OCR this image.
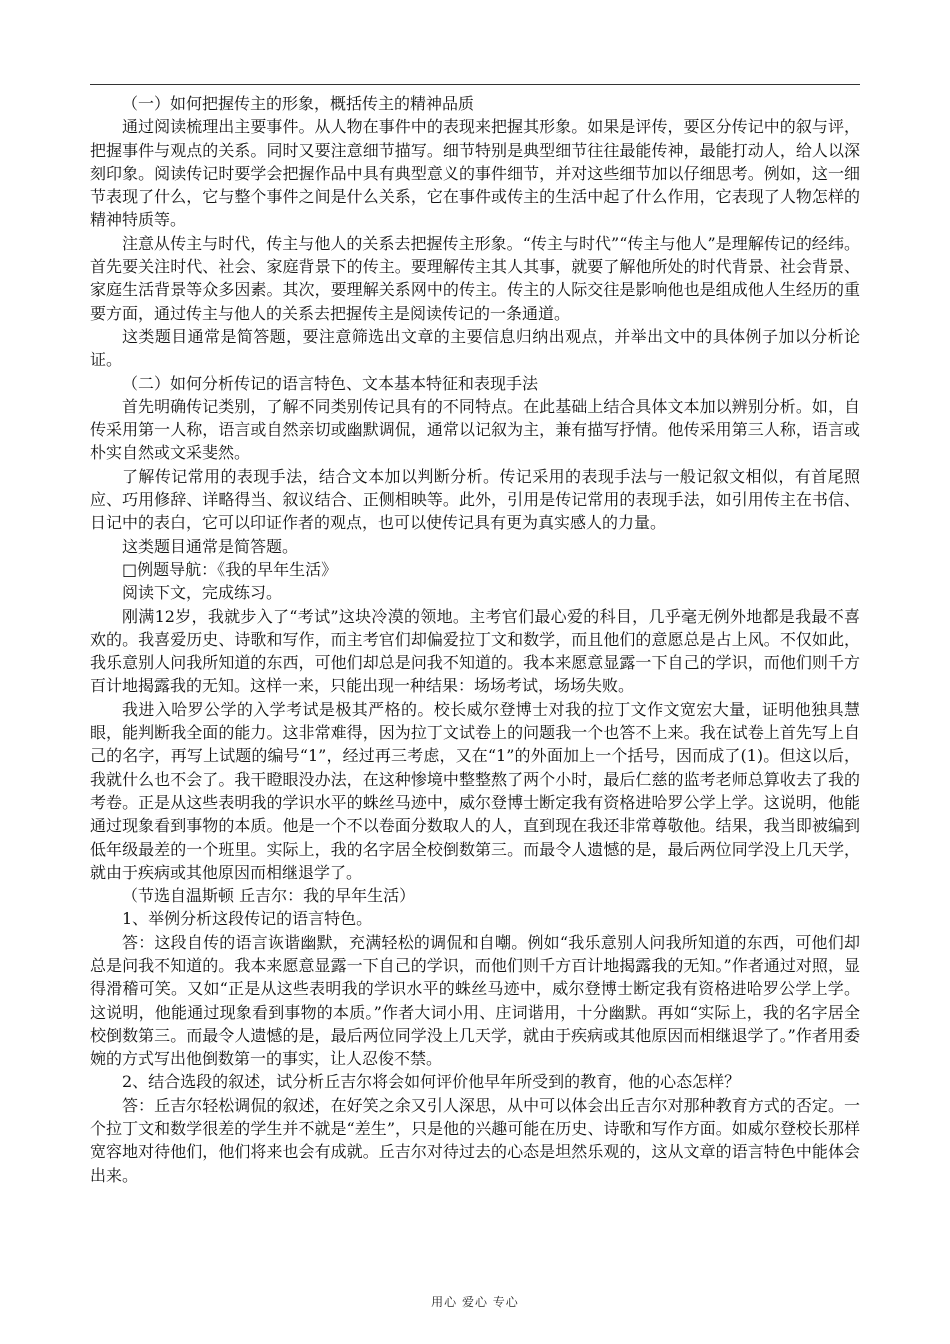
（一）如何把握传主的形象，概括传主的精神品质

通过阅读梳理出主要事件。从人物在事件中的表现来把握其形象。如果是评传，要区分传记中的叙与评，把握事件与观点的关系。同时又要注意细节描写。细节特别是典型细节往往最能传神，最能打动人，给人以深刻印象。阅读传记时要学会把握作品中具有典型意义的事件细节，并对这些细节加以仔细思考。例如，这一细节表现了什么，它与整个事件之间是什么关系，它在事件或传主的生活中起了什么作用，它表现了人物怎样的精神特质等。

注意从传主与时代，传主与他人的关系去把握传主形象。“传主与时代”“传主与他人”是理解传记的经纬。首先要关注时代、社会、家庭背景下的传主。要理解传主其人其事，就要了解他所处的时代背景、社会背景、家庭生活背景等众多因素。其次，要理解关系网中的传主。传主的人际交往是影响他也是组成他人生经历的重要方面，通过传主与他人的关系去把握传主是阅读传记的一条通道。

这类题目通常是简答题，要注意筛选出文章的主要信息归纳出观点，并举出文中的具体例子加以分析论证。

（二）如何分析传记的语言特色、文本基本特征和表现手法

首先明确传记类别，了解不同类别传记具有的不同特点。在此基础上结合具体文本加以辨别分析。如，自传采用第一人称，语言或自然亲切或幽默调侃，通常以记叙为主，兼有描写抒情。他传采用第三人称，语言或朴实自然或文采斐然。

了解传记常用的表现手法，结合文本加以判断分析。传记采用的表现手法与一般记叙文相似，有首尾照应、巧用修辞、详略得当、叙议结合、正侧相映等。此外，引用是传记常用的表现手法，如引用传主在书信、日记中的表白，它可以印证作者的观点，也可以使传记具有更为真实感人的力量。

这类题目通常是简答题。

□例题导航：《我的早年生活》

阅读下文，完成练习。

刚满12岁，我就步入了“考试”这块冷漠的领地。主考官们最心爱的科目，几乎毫无例外地都是我最不喜欢的。我喜爱历史、诗歌和写作，而主考官们却偏爱拉丁文和数学，而且他们的意愿总是占上风。不仅如此，我乐意别人问我所知道的东西，可他们却总是问我不知道的。我本来愿意显露一下自己的学识，而他们则千方百计地揭露我的无知。这样一来，只能出现一种结果：场场考试，场场失败。

我进入哈罗公学的入学考试是极其严格的。校长威尔登博士对我的拉丁文作文宽宏大量，证明他独具慧眼，能判断我全面的能力。这非常难得，因为拉丁文试卷上的问题我一个也答不上来。我在试卷上首先写上自己的名字，再写上试题的编号“1”，经过再三考虑，又在“1”的外面加上一个括号，因而成了(1)。但这以后，我就什么也不会了。我干瞪眼没办法，在这种惨境中整整熬了两个小时，最后仁慈的监考老师总算收去了我的考卷。正是从这些表明我的学识水平的蛛丝马迹中，威尔登博士断定我有资格进哈罗公学上学。这说明，他能通过现象看到事物的本质。他是一个不以卷面分数取人的人，直到现在我还非常尊敬他。结果，我当即被编到低年级最差的一个班里。实际上，我的名字居全校倒数第三。而最令人遗憾的是，最后两位同学没上几天学，就由于疾病或其他原因而相继退学了。

（节选自温斯顿 丘吉尔：我的早年生活）

1、举例分析这段传记的语言特色。

答：这段自传的语言诙谐幽默，充满轻松的调侃和自嘲。例如“我乐意别人问我所知道的东西，可他们却总是问我不知道的。我本来愿意显露一下自己的学识，而他们则千方百计地揭露我的无知。”作者通过对照，显得滑稽可笑。又如“正是从这些表明我的学识水平的蛛丝马迹中，威尔登博士断定我有资格进哈罗公学上学。这说明，他能通过现象看到事物的本质。”作者大词小用、庄词谐用，十分幽默。再如“实际上，我的名字居全校倒数第三。而最令人遗憾的是，最后两位同学没上几天学，就由于疾病或其他原因而相继退学了。”作者用委婉的方式写出他倒数第一的事实，让人忍俊不禁。

2、结合选段的叙述，试分析丘吉尔将会如何评价他早年所受到的教育，他的心态怎样？

答：丘吉尔轻松调侃的叙述，在好笑之余又引人深思，从中可以体会出丘吉尔对那种教育方式的否定。一个拉丁文和数学很差的学生并不就是“差生”，只是他的兴趣可能在历史、诗歌和写作方面。如威尔登校长那样宽容地对待他们，他们将来也会有成就。丘吉尔对待过去的心态是坦然乐观的，这从文章的语言特色中能体会出来。

用心 爱心 专心
